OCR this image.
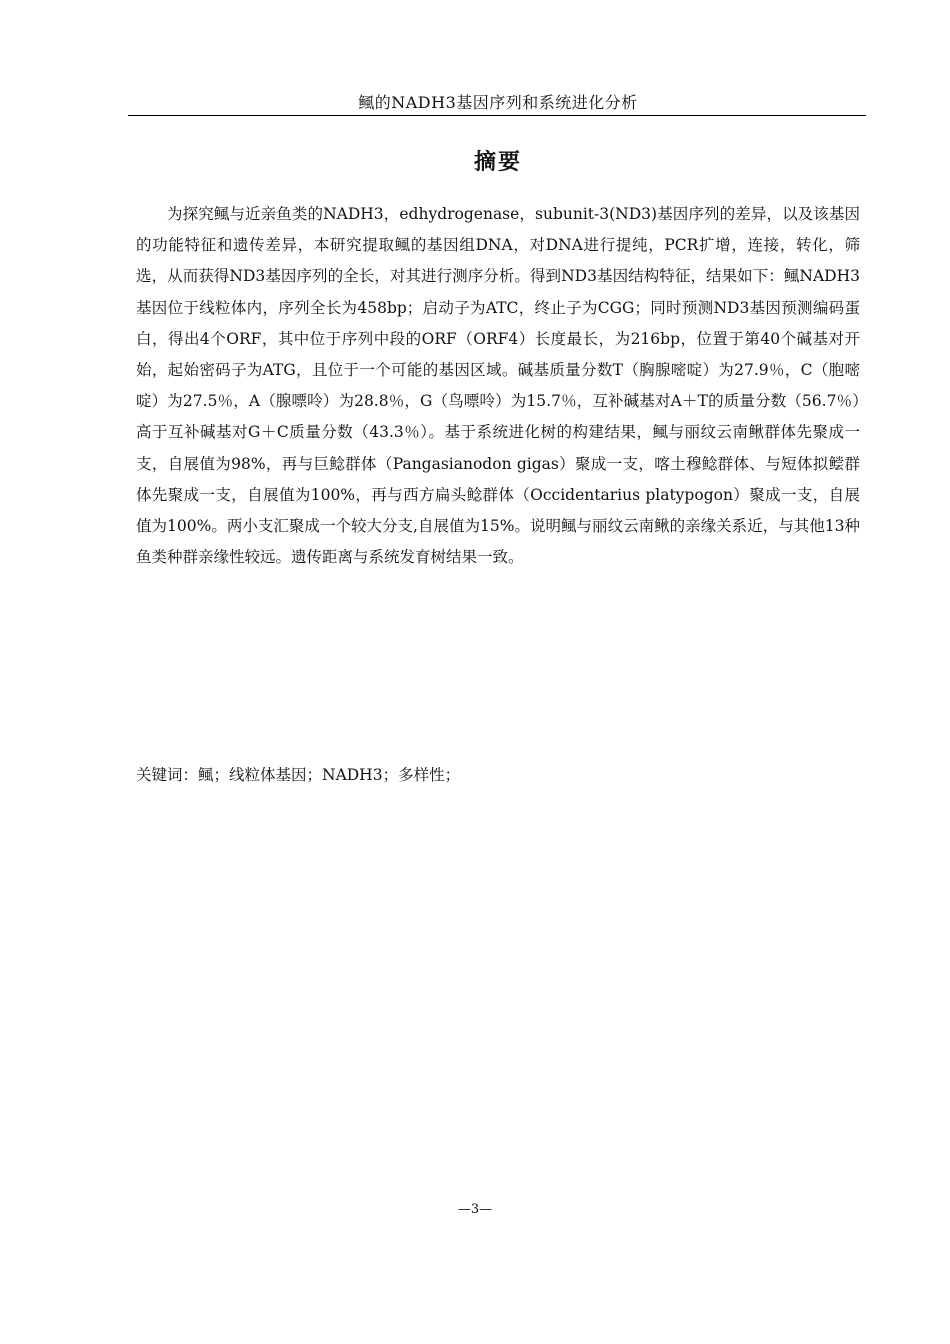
鲺的NADH3基因序列和系统进化分析
摘要

为探究鲺与近亲鱼类的NADH3，edhydrogenase，subunit-3(ND3)基因序列的差异，以及该基因的功能特征和遗传差异，本研究提取鲺的基因组DNA，对DNA进行提纯，PCR扩增，连接，转化，筛选，从而获得ND3基因序列的全长，对其进行测序分析。得到ND3基因结构特征，结果如下：鲺NADH3基因位于线粒体内，序列全长为458bp；启动子为ATC，终止子为CGG；同时预测ND3基因预测编码蛋白，得出4个ORF，其中位于序列中段的ORF（ORF4）长度最长，为216bp，位置于第40个碱基对开始，起始密码子为ATG，且位于一个可能的基因区域。碱基质量分数T（胸腺嘧啶）为27.9％，C（胞嘧啶）为27.5％，A（腺嘌呤）为28.8％，G（鸟嘌呤）为15.7％，互补碱基对A＋T的质量分数（56.7％）高于互补碱基对G＋C质量分数（43.3％）。基于系统进化树的构建结果，鲺与丽纹云南鳅群体先聚成一支，自展值为98%，再与巨鲶群体（Pangasianodon gigas）聚成一支，喀土穆鲶群体、与短体拟鲿群体先聚成一支，自展值为100%，再与西方扁头鲶群体（Occidentarius platypogon）聚成一支，自展值为100%。两小支汇聚成一个较大分支,自展值为15%。说明鲺与丽纹云南鳅的亲缘关系近，与其他13种鱼类种群亲缘性较远。遗传距离与系统发育树结果一致。

关键词：鲺；线粒体基因；NADH3；多样性；

—3—
